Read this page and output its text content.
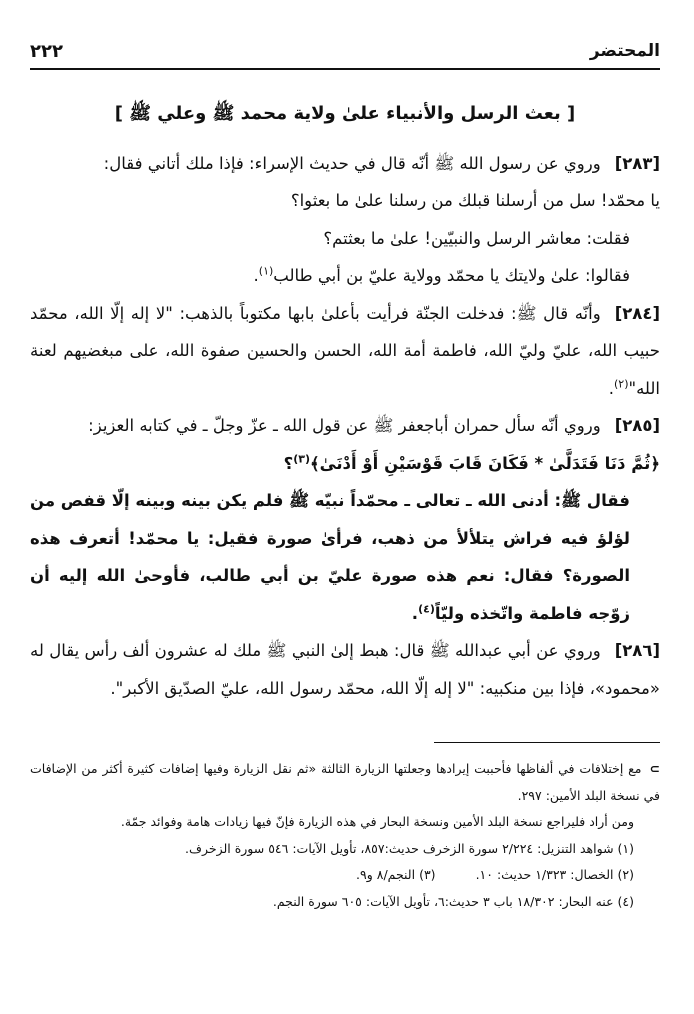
٢٢٢	المحتضر
[ بعث الرسل والأنبياء علىٰ ولاية محمد ﷺ وعلي ﷺ ]

[٢٨٣]وروي عن رسول الله ﷺ أنّه قال في حديث الإسراء: فإذا ملك أتاني فقال:

يا محمّد! سل من أرسلنا قبلك من رسلنا علىٰ ما بعثوا؟

فقلت: معاشر الرسل والنبيّين! علىٰ ما بعثتم؟

فقالوا: علىٰ ولايتك يا محمّد وولاية عليّ بن أبي طالب$^{(١)}$.

[٢٨٤]وأنّه قال ﷺ: فدخلت الجنّة فرأيت بأعلىٰ بابها مكتوباً بالذهب: "لا إله إلّا الله، محمّد حبيب الله، عليّ وليّ الله، فاطمة أمة الله، الحسن والحسين صفوة الله، على مبغضيهم لعنة الله"$^{(٢)}$.

[٢٨٥]وروي أنّه سأل حمران أباجعفر ﷺ عن قول الله ـ عزّ وجلّ ـ في كتابه العزيز:

﴿ثُمَّ دَنَا فَتَدَلَّىٰ * فَكَانَ قَابَ قَوْسَيْنِ أَوْ أَدْنَىٰ﴾$^{(٣)}$؟

فقال ﷺ: أدنى الله ـ تعالى ـ محمّداً نبيّه ﷺ فلم يكن بينه وبينه إلّا قفص من لؤلؤ فيه فراش يتلألأ من ذهب، فرأىٰ صورة فقيل: يا محمّد! أتعرف هذه الصورة؟ فقال: نعم هذه صورة عليّ بن أبي طالب، فأوحىٰ الله إليه أن زوّجه فاطمة واتّخذه وليّاً$^{(٤)}$.

[٢٨٦]وروي عن أبي عبدالله ﷺ قال: هبط إلىٰ النبي ﷺ ملك له عشرون ألف رأس يقال له «محمود»، فإذا بين منكبيه: "لا إله إلّا الله، محمّد رسول الله، عليّ الصدّيق الأكبر".

⊃مع إختلافات في ألفاظها فأحببت إيرادها وجعلتها الزيارة الثالثة «ثم نقل الزيارة وفيها إضافات كثيرة أكثر من الإضافات في نسخة البلد الأمين: ٢٩٧.

ومن أراد فليراجع نسخة البلد الأمين ونسخة البحار في هذه الزيارة فإنّ فيها زيادات هامة وفوائد جمّة.

(١) شواهد التنزيل: ٢/٢٢٤ سورة الزخرف حديث:٨٥٧، تأويل الآيات: ٥٤٦ سورة الزخرف.

(٢) الخصال: ١/٣٢٣ حديث: ١٠.
(٣) النجم/٨ و٩.

(٤) عنه البحار: ١٨/٣٠٢ باب ٣ حديث:٦، تأويل الآيات: ٦٠٥ سورة النجم.
